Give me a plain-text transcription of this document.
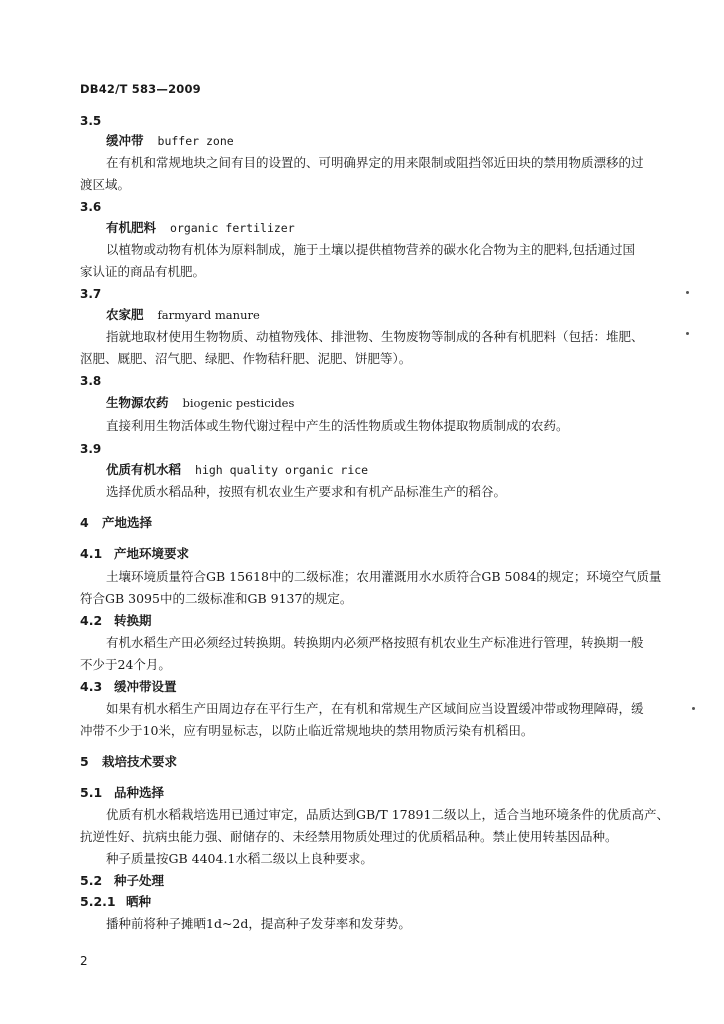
DB42/T 583—2009
3.5
缓冲带 buffer zone
在有机和常规地块之间有目的设置的、可明确界定的用来限制或阻挡邻近田块的禁用物质漂移的过
渡区域。
3.6
有机肥料 organic fertilizer
以植物或动物有机体为原料制成，施于土壤以提供植物营养的碳水化合物为主的肥料,包括通过国
家认证的商品有机肥。
3.7
农家肥 farmyard manure
指就地取材使用生物物质、动植物残体、排泄物、生物废物等制成的各种有机肥料（包括：堆肥、
沤肥、厩肥、沼气肥、绿肥、作物秸秆肥、泥肥、饼肥等）。
3.8
生物源农药 biogenic pesticides
直接利用生物活体或生物代谢过程中产生的活性物质或生物体提取物质制成的农药。
3.9
优质有机水稻 high quality organic rice
选择优质水稻品种，按照有机农业生产要求和有机产品标准生产的稻谷。
4 产地选择
4.1 产地环境要求
土壤环境质量符合GB 15618中的二级标准；农用灌溉用水水质符合GB 5084的规定；环境空气质量
符合GB 3095中的二级标准和GB 9137的规定。
4.2 转换期
有机水稻生产田必须经过转换期。转换期内必须严格按照有机农业生产标准进行管理，转换期一般
不少于24个月。
4.3 缓冲带设置
如果有机水稻生产田周边存在平行生产，在有机和常规生产区域间应当设置缓冲带或物理障碍，缓
冲带不少于10米，应有明显标志，以防止临近常规地块的禁用物质污染有机稻田。
5 栽培技术要求
5.1 品种选择
优质有机水稻栽培选用已通过审定，品质达到GB/T 17891二级以上，适合当地环境条件的优质高产、
抗逆性好、抗病虫能力强、耐储存的、未经禁用物质处理过的优质稻品种。禁止使用转基因品种。
种子质量按GB 4404.1水稻二级以上良种要求。
5.2 种子处理
5.2.1 晒种
播种前将种子摊晒1d~2d，提高种子发芽率和发芽势。
2
